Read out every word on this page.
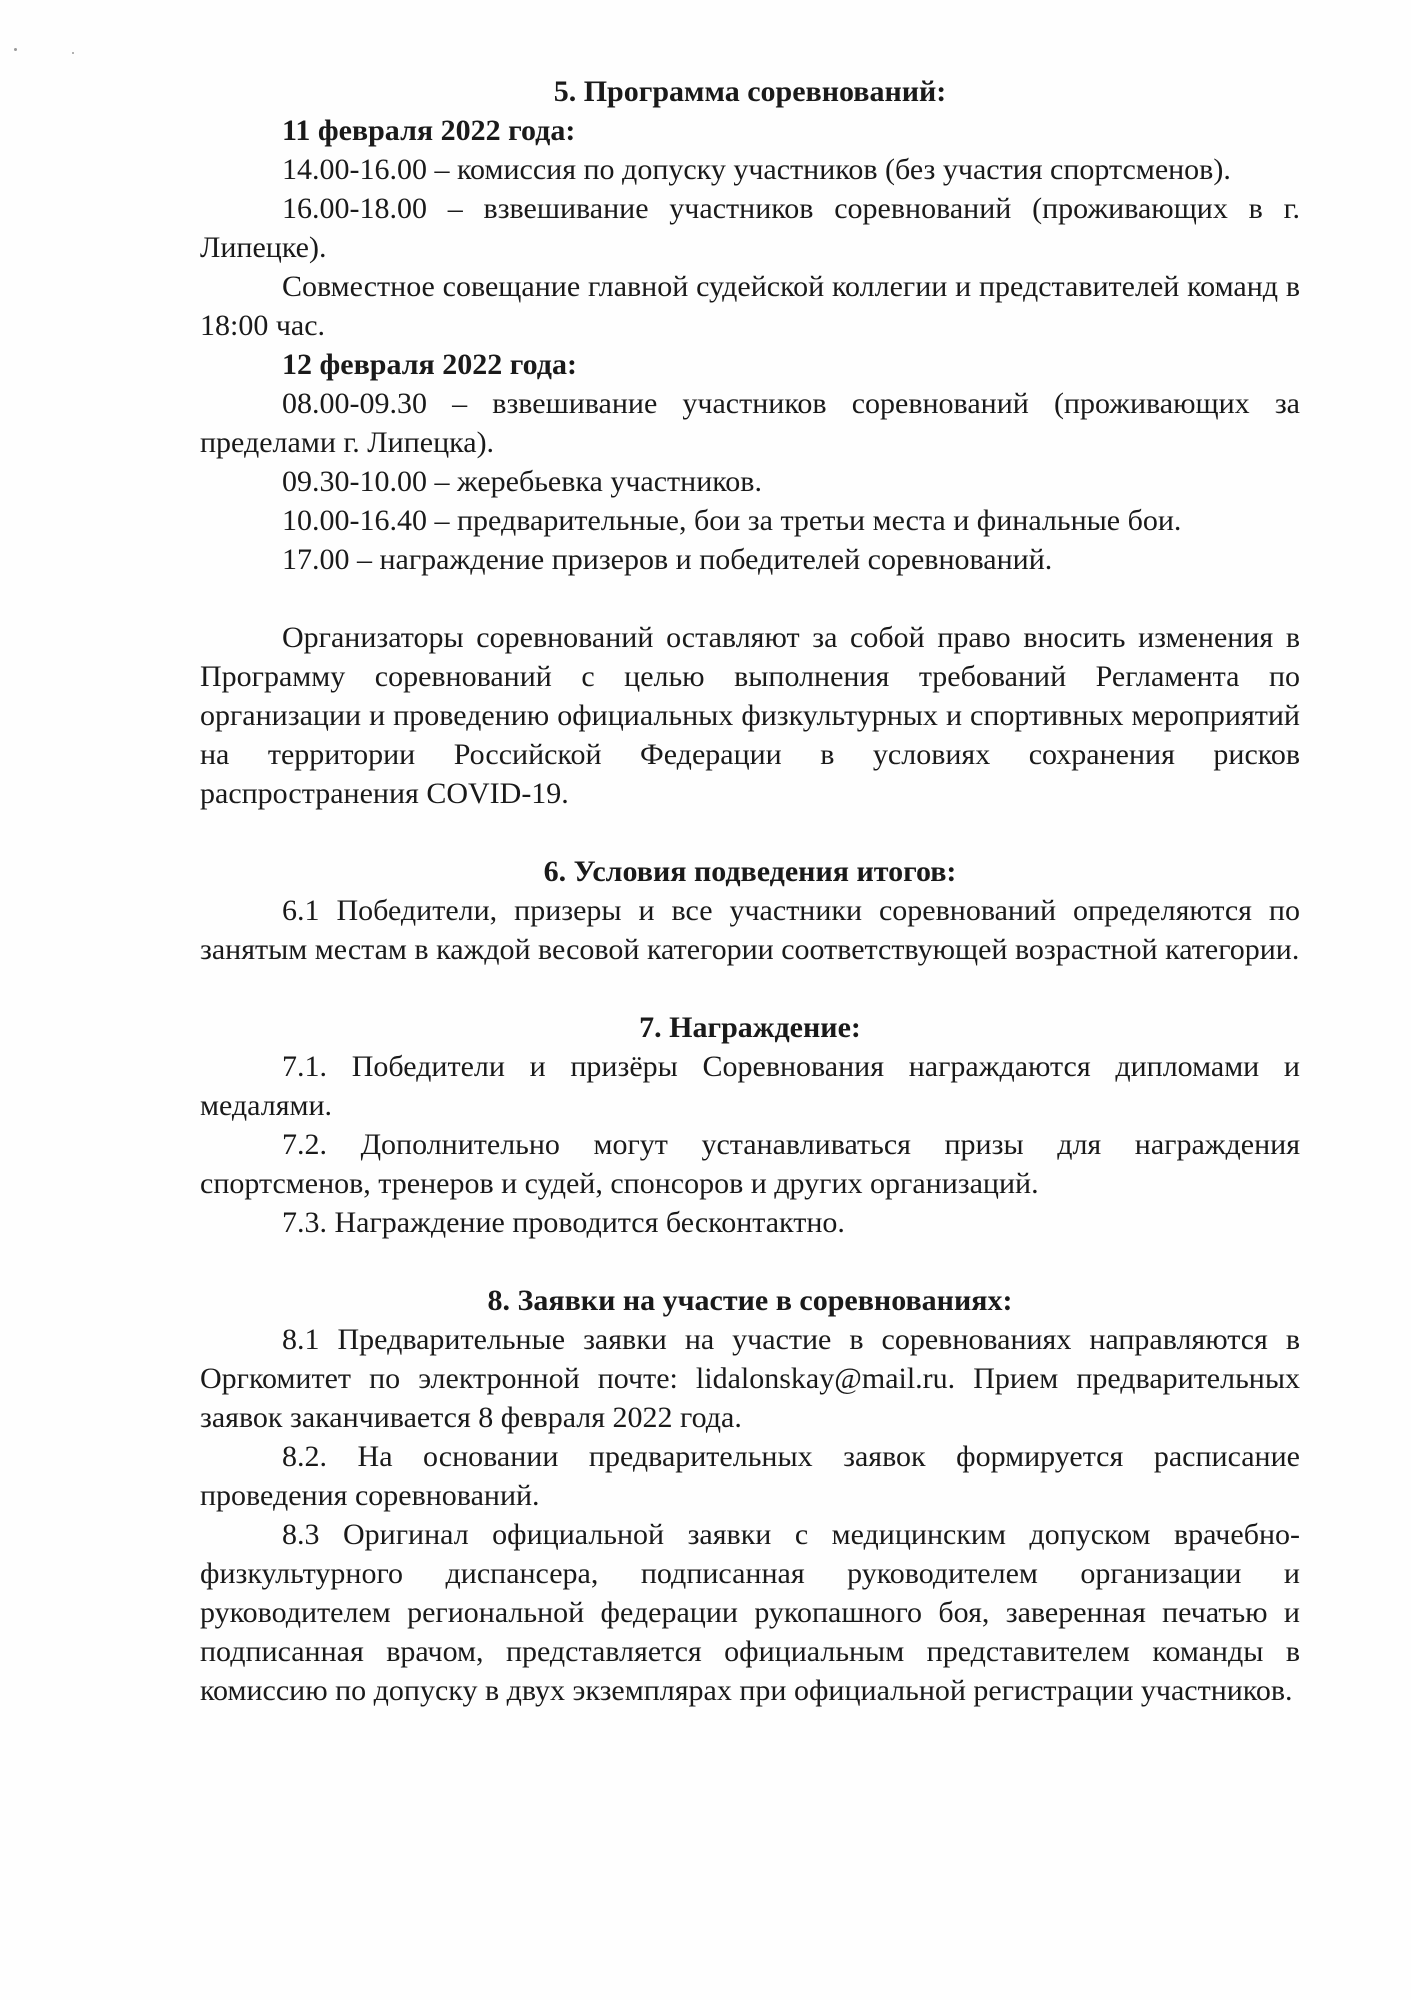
5. Программа соревнований:

11 февраля 2022 года:

14.00-16.00 – комиссия по допуску участников (без участия спортсменов).

16.00-18.00 – взвешивание участников соревнований (проживающих в г. Липецке).

Совместное совещание главной судейской коллегии и представителей команд в 18:00 час.

12 февраля 2022 года:

08.00-09.30 – взвешивание участников соревнований (проживающих за пределами г. Липецка).

09.30-10.00 – жеребьевка участников.

10.00-16.40 – предварительные, бои за третьи места и финальные бои.

17.00 – награждение призеров и победителей соревнований.

Организаторы соревнований оставляют за собой право вносить изменения в Программу соревнований с целью выполнения требований Регламента по организации и проведению официальных физкультурных и спортивных мероприятий на территории Российской Федерации в условиях сохранения рисков распространения COVID-19.

6. Условия подведения итогов:

6.1 Победители, призеры и все участники соревнований определяются по занятым местам в каждой весовой категории соответствующей возрастной категории.

7. Награждение:

7.1. Победители и призёры Соревнования награждаются дипломами и медалями.

7.2. Дополнительно могут устанавливаться призы для награждения спортсменов, тренеров и судей, спонсоров и других организаций.

7.3. Награждение проводится бесконтактно.

8. Заявки на участие в соревнованиях:

8.1 Предварительные заявки на участие в соревнованиях направляются в Оргкомитет по электронной почте: lidalonskay@mail.ru. Прием предварительных заявок заканчивается 8 февраля 2022 года.

8.2. На основании предварительных заявок формируется расписание проведения соревнований.

8.3 Оригинал официальной заявки с медицинским допуском врачебно-физкультурного диспансера, подписанная руководителем организации и руководителем региональной федерации рукопашного боя, заверенная печатью и подписанная врачом, представляется официальным представителем команды в комиссию по допуску в двух экземплярах при официальной регистрации участников.
